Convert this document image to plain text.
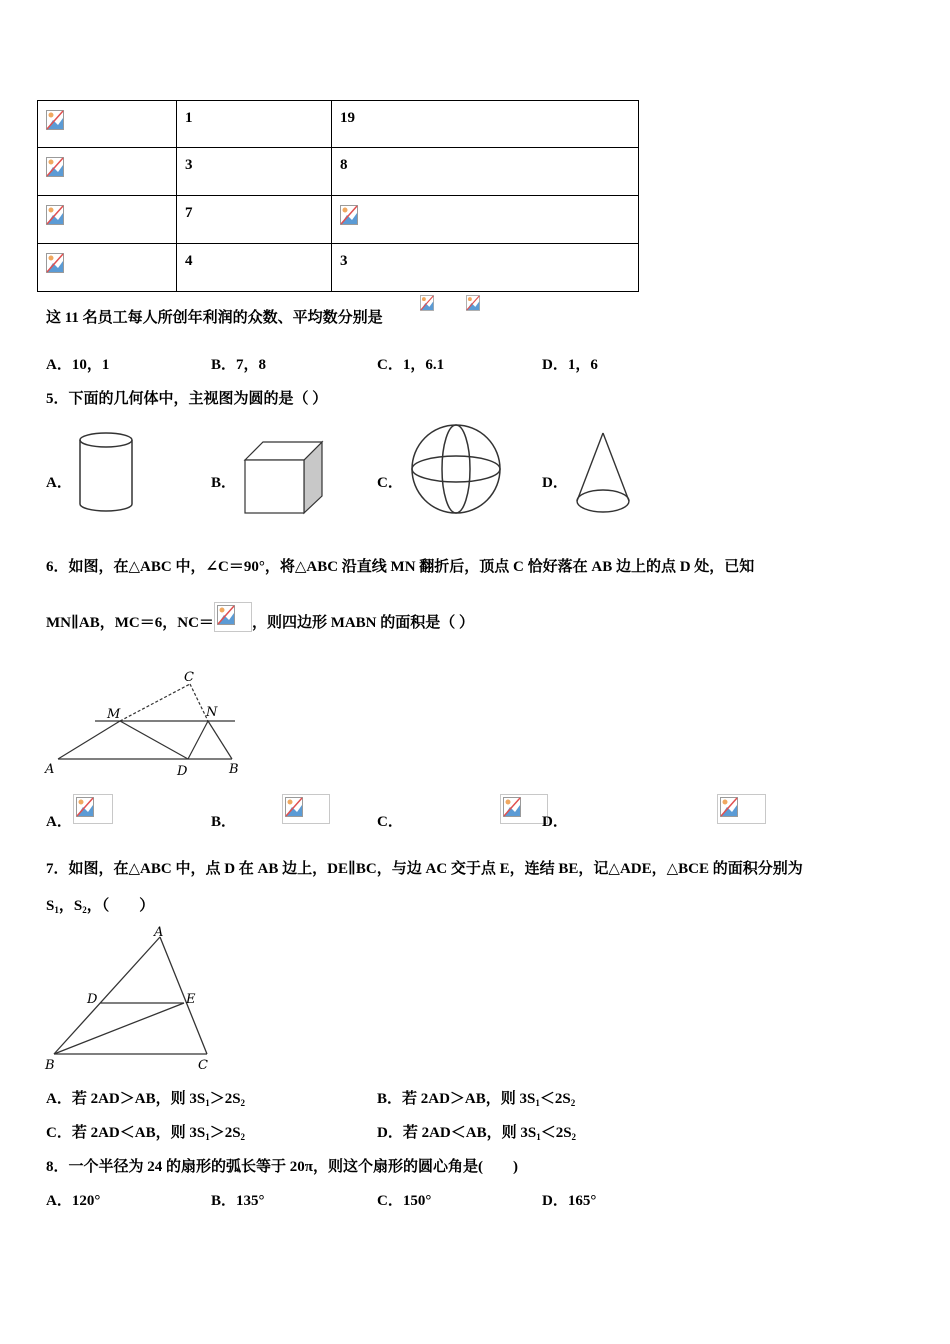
	1	19
	3	8
	7	
	4	3
这 11 名员工每人所创年利润的众数、平均数分别是
A．10，1	B．7，8	C．1，6.1	D．1，6
5．下面的几何体中，主视图为圆的是（ ）
A．	B．	C．	D．
6．如图，在△ABC 中，∠C＝90°，将△ABC 沿直线 MN 翻折后，顶点 C 恰好落在 AB 边上的点 D 处，已知
MN∥AB，MC＝6，NC＝	，则四边形 MABN 的面积是（ ）
C
M	N
A	D	B
A．
	B．
	C．
	D．
7．如图，在△ABC 中，点 D 在 AB 边上，DE∥BC，与边 AC 交于点 E，连结 BE，记△ADE，△BCE 的面积分别为
$S_1$，$S_2$，（　　）
A
D	E
B	C
A．若 2AD＞AB，则 $3S_1>2S_2$	B．若 2AD＞AB，则 $3S_1<2S_2$
C．若 2AD＜AB，则 $3S_1>2S_2$	D．若 2AD＜AB，则 $3S_1<2S_2$
8．一个半径为 24 的扇形的弧长等于 20π，则这个扇形的圆心角是(　　)
A．120°	B．135°	C．150°	D．165°
